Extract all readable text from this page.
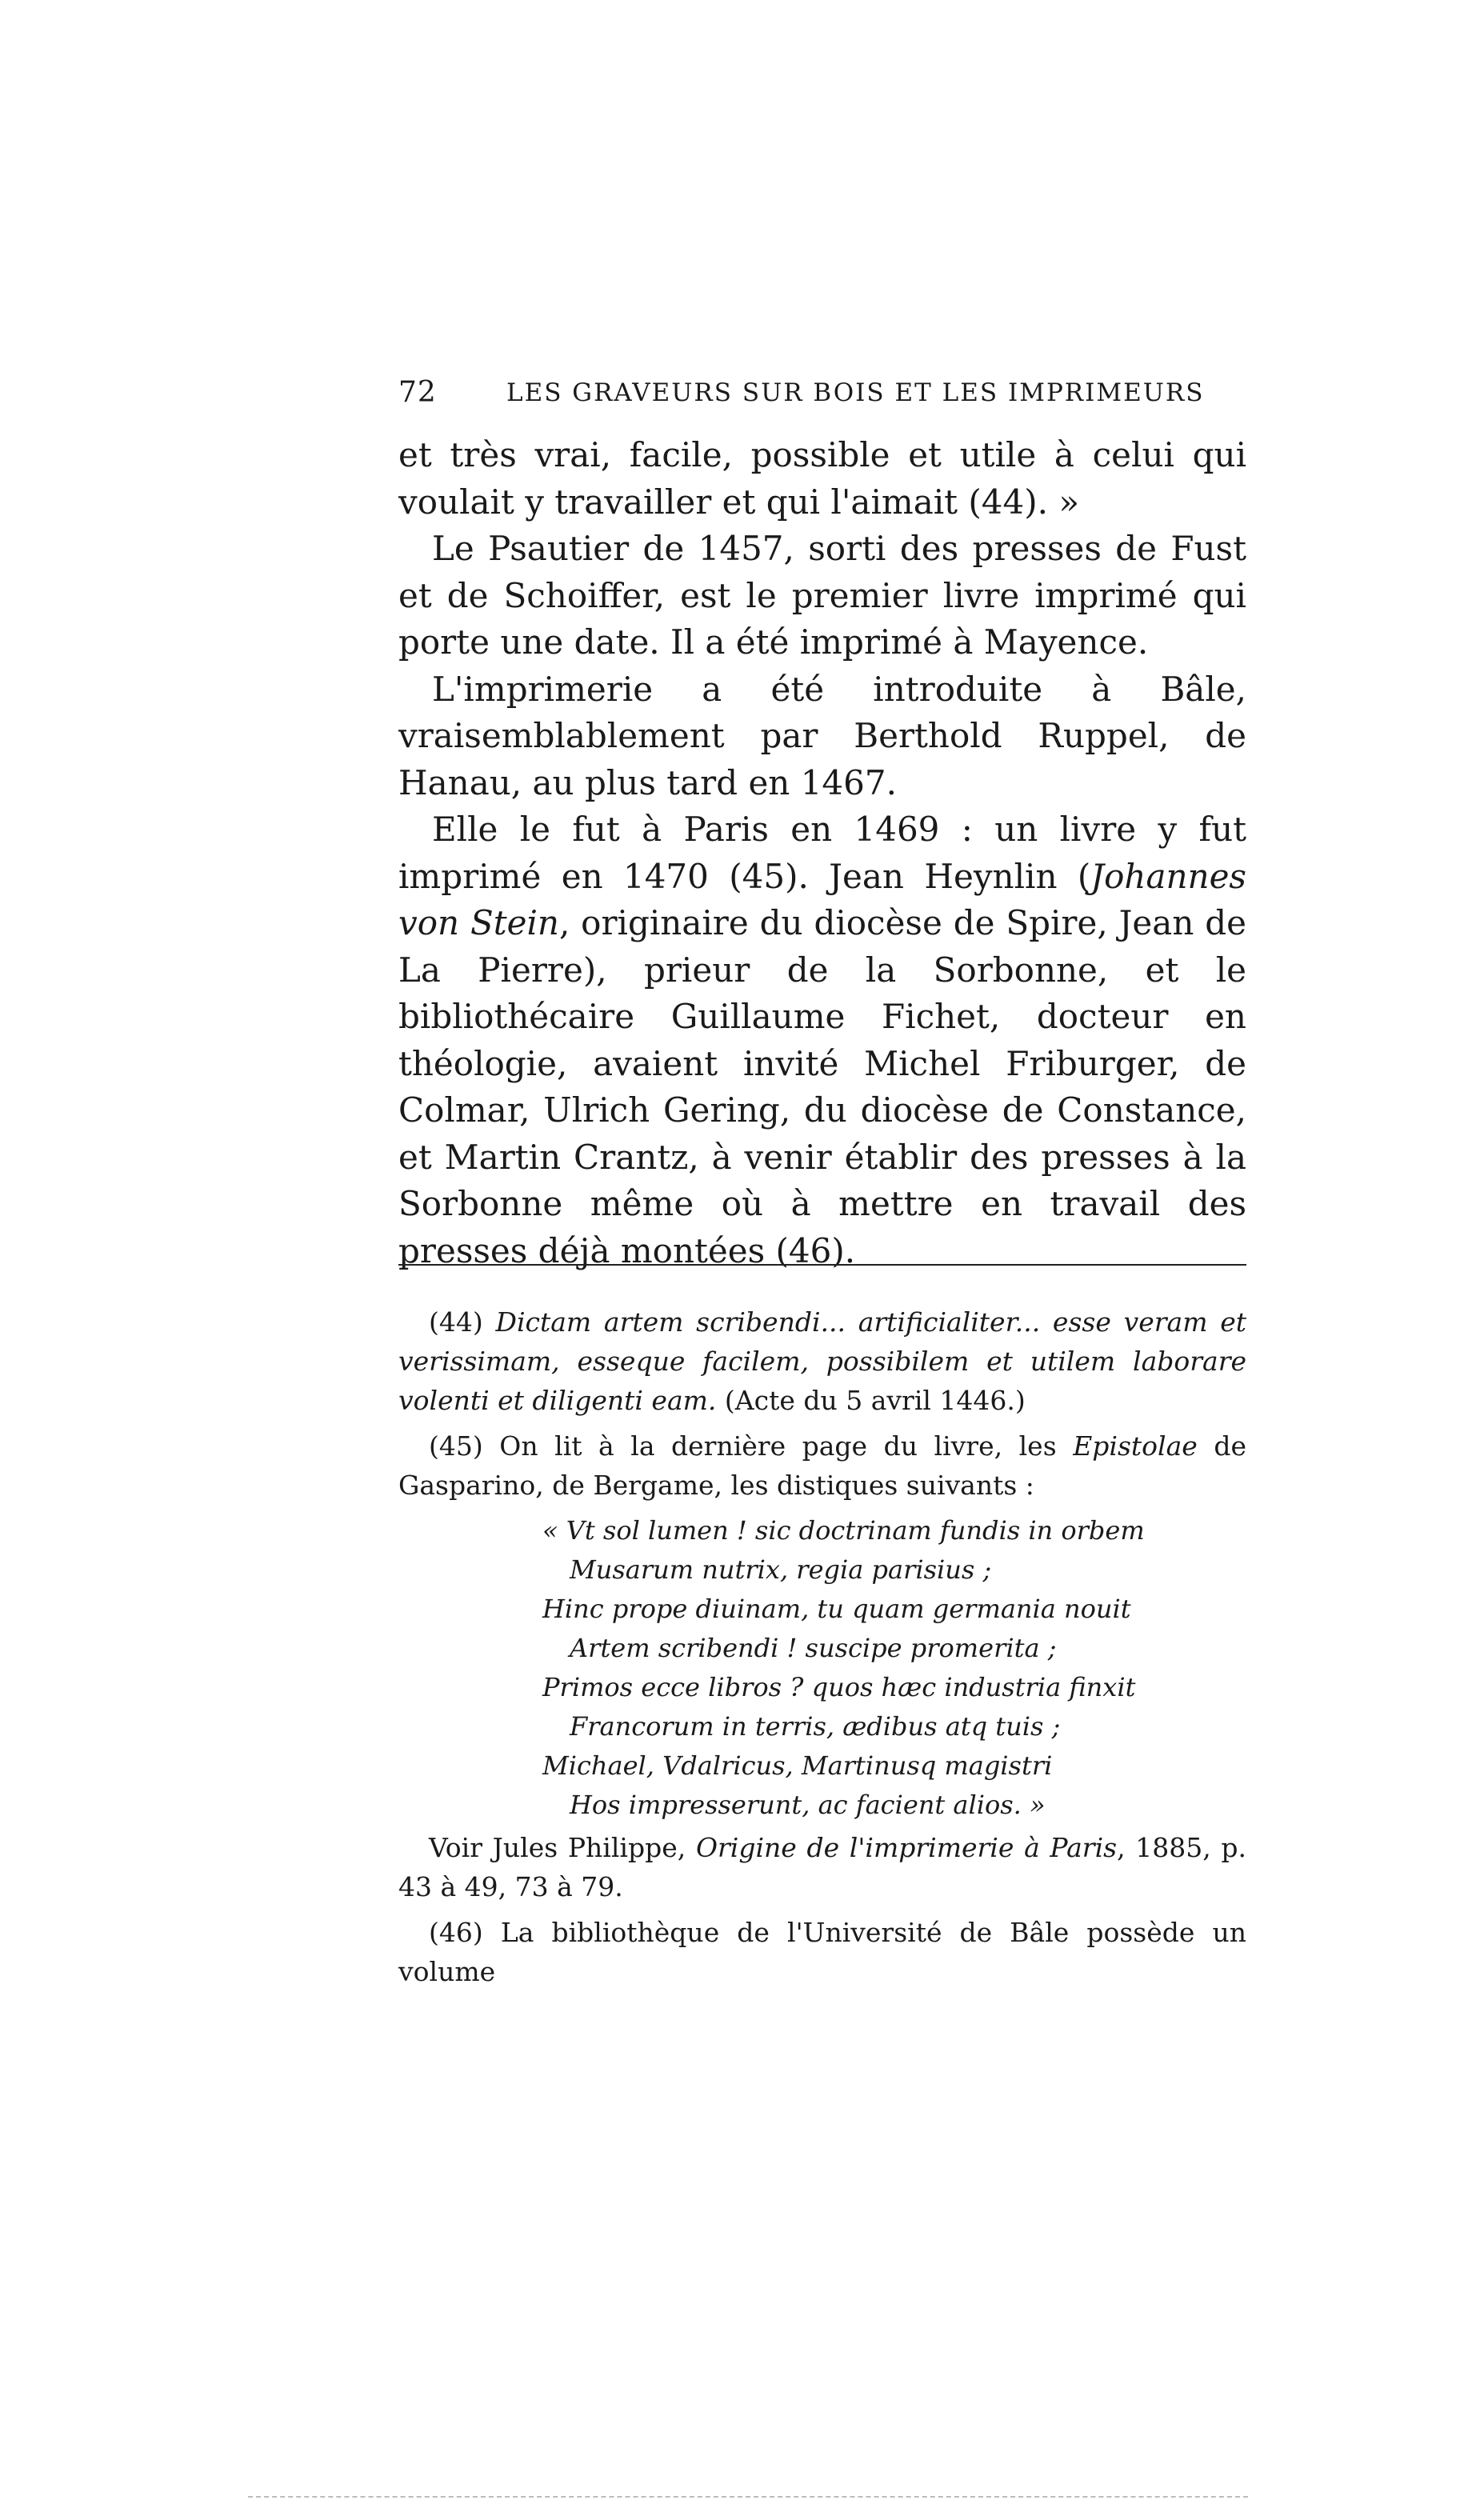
72	LES GRAVEURS SUR BOIS ET LES IMPRIMEURS

et très vrai, facile, possible et utile à celui qui voulait y travailler et qui l'aimait (44). »

Le Psautier de 1457, sorti des presses de Fust et de Schoiffer, est le premier livre imprimé qui porte une date. Il a été imprimé à Mayence.

L'imprimerie a été introduite à Bâle, vraisemblablement par Berthold Ruppel, de Hanau, au plus tard en 1467.

Elle le fut à Paris en 1469 : un livre y fut imprimé en 1470 (45). Jean Heynlin (Johannes von Stein, originaire du diocèse de Spire, Jean de La Pierre), prieur de la Sorbonne, et le bibliothécaire Guillaume Fichet, docteur en théologie, avaient invité Michel Friburger, de Colmar, Ulrich Gering, du diocèse de Constance, et Martin Crantz, à venir établir des presses à la Sorbonne même où à mettre en travail des presses déjà montées (46).

(44) Dictam artem scribendi... artificialiter... esse veram et verissimam, esseque facilem, possibilem et utilem laborare volenti et diligenti eam. (Acte du 5 avril 1446.)

(45) On lit à la dernière page du livre, les Epistolae de Gasparino, de Bergame, les distiques suivants :

« Vt sol lumen ! sic doctrinam fundis in orbem
Musarum nutrix, regia parisius ;
Hinc prope diuinam, tu quam germania nouit
Artem scribendi ! suscipe promerita ;
Primos ecce libros ? quos hæc industria finxit
Francorum in terris, ædibus atq tuis ;
Michael, Vdalricus, Martinusq magistri
Hos impresserunt, ac facient alios. »

Voir Jules Philippe, Origine de l'imprimerie à Paris, 1885, p. 43 à 49, 73 à 79.

(46) La bibliothèque de l'Université de Bâle possède un volume
